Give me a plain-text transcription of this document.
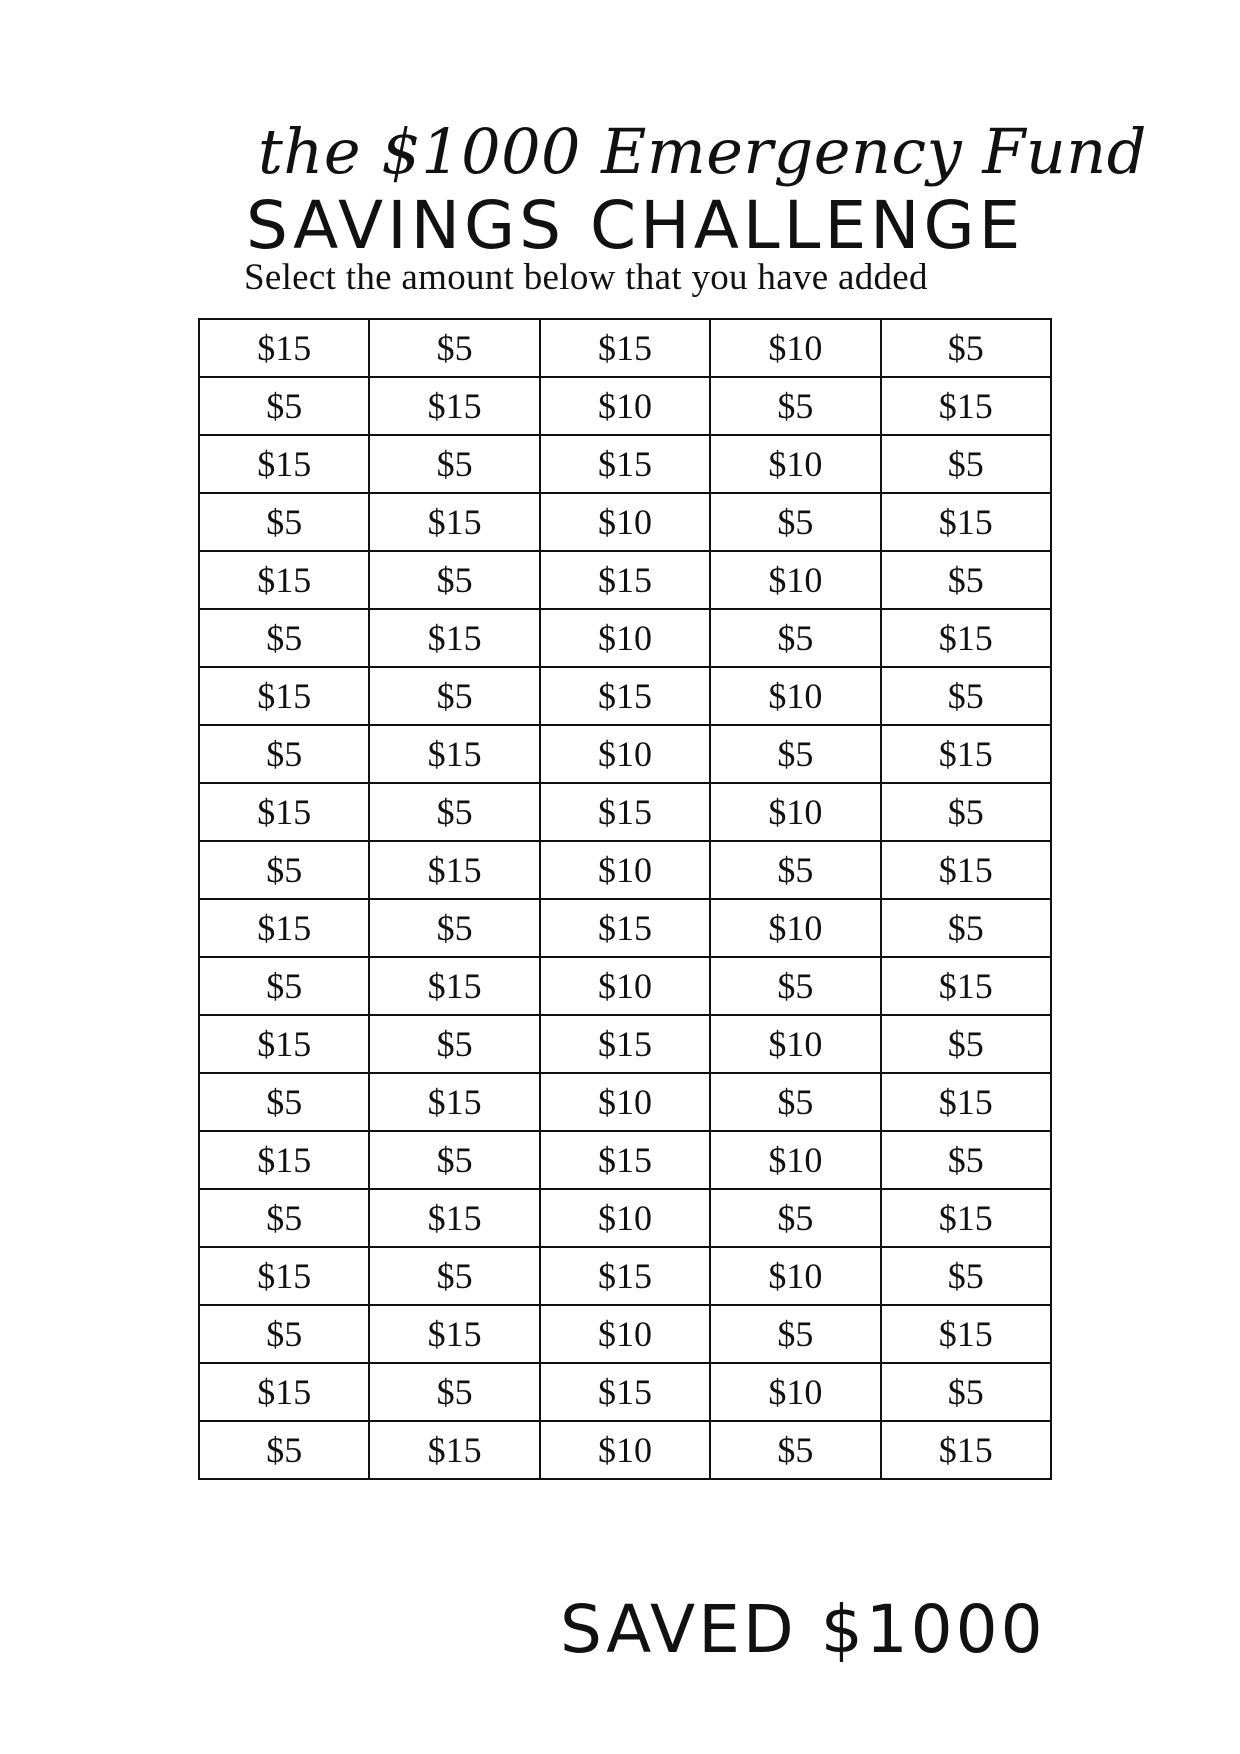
the $1000 Emergency Fund
SAVINGS CHALLENGE
Select the amount below that you have added
$15	$5	$15	$10	$5
$5	$15	$10	$5	$15
$15	$5	$15	$10	$5
$5	$15	$10	$5	$15
$15	$5	$15	$10	$5
$5	$15	$10	$5	$15
$15	$5	$15	$10	$5
$5	$15	$10	$5	$15
$15	$5	$15	$10	$5
$5	$15	$10	$5	$15
$15	$5	$15	$10	$5
$5	$15	$10	$5	$15
$15	$5	$15	$10	$5
$5	$15	$10	$5	$15
$15	$5	$15	$10	$5
$5	$15	$10	$5	$15
$15	$5	$15	$10	$5
$5	$15	$10	$5	$15
$15	$5	$15	$10	$5
$5	$15	$10	$5	$15
SAVED $1000
